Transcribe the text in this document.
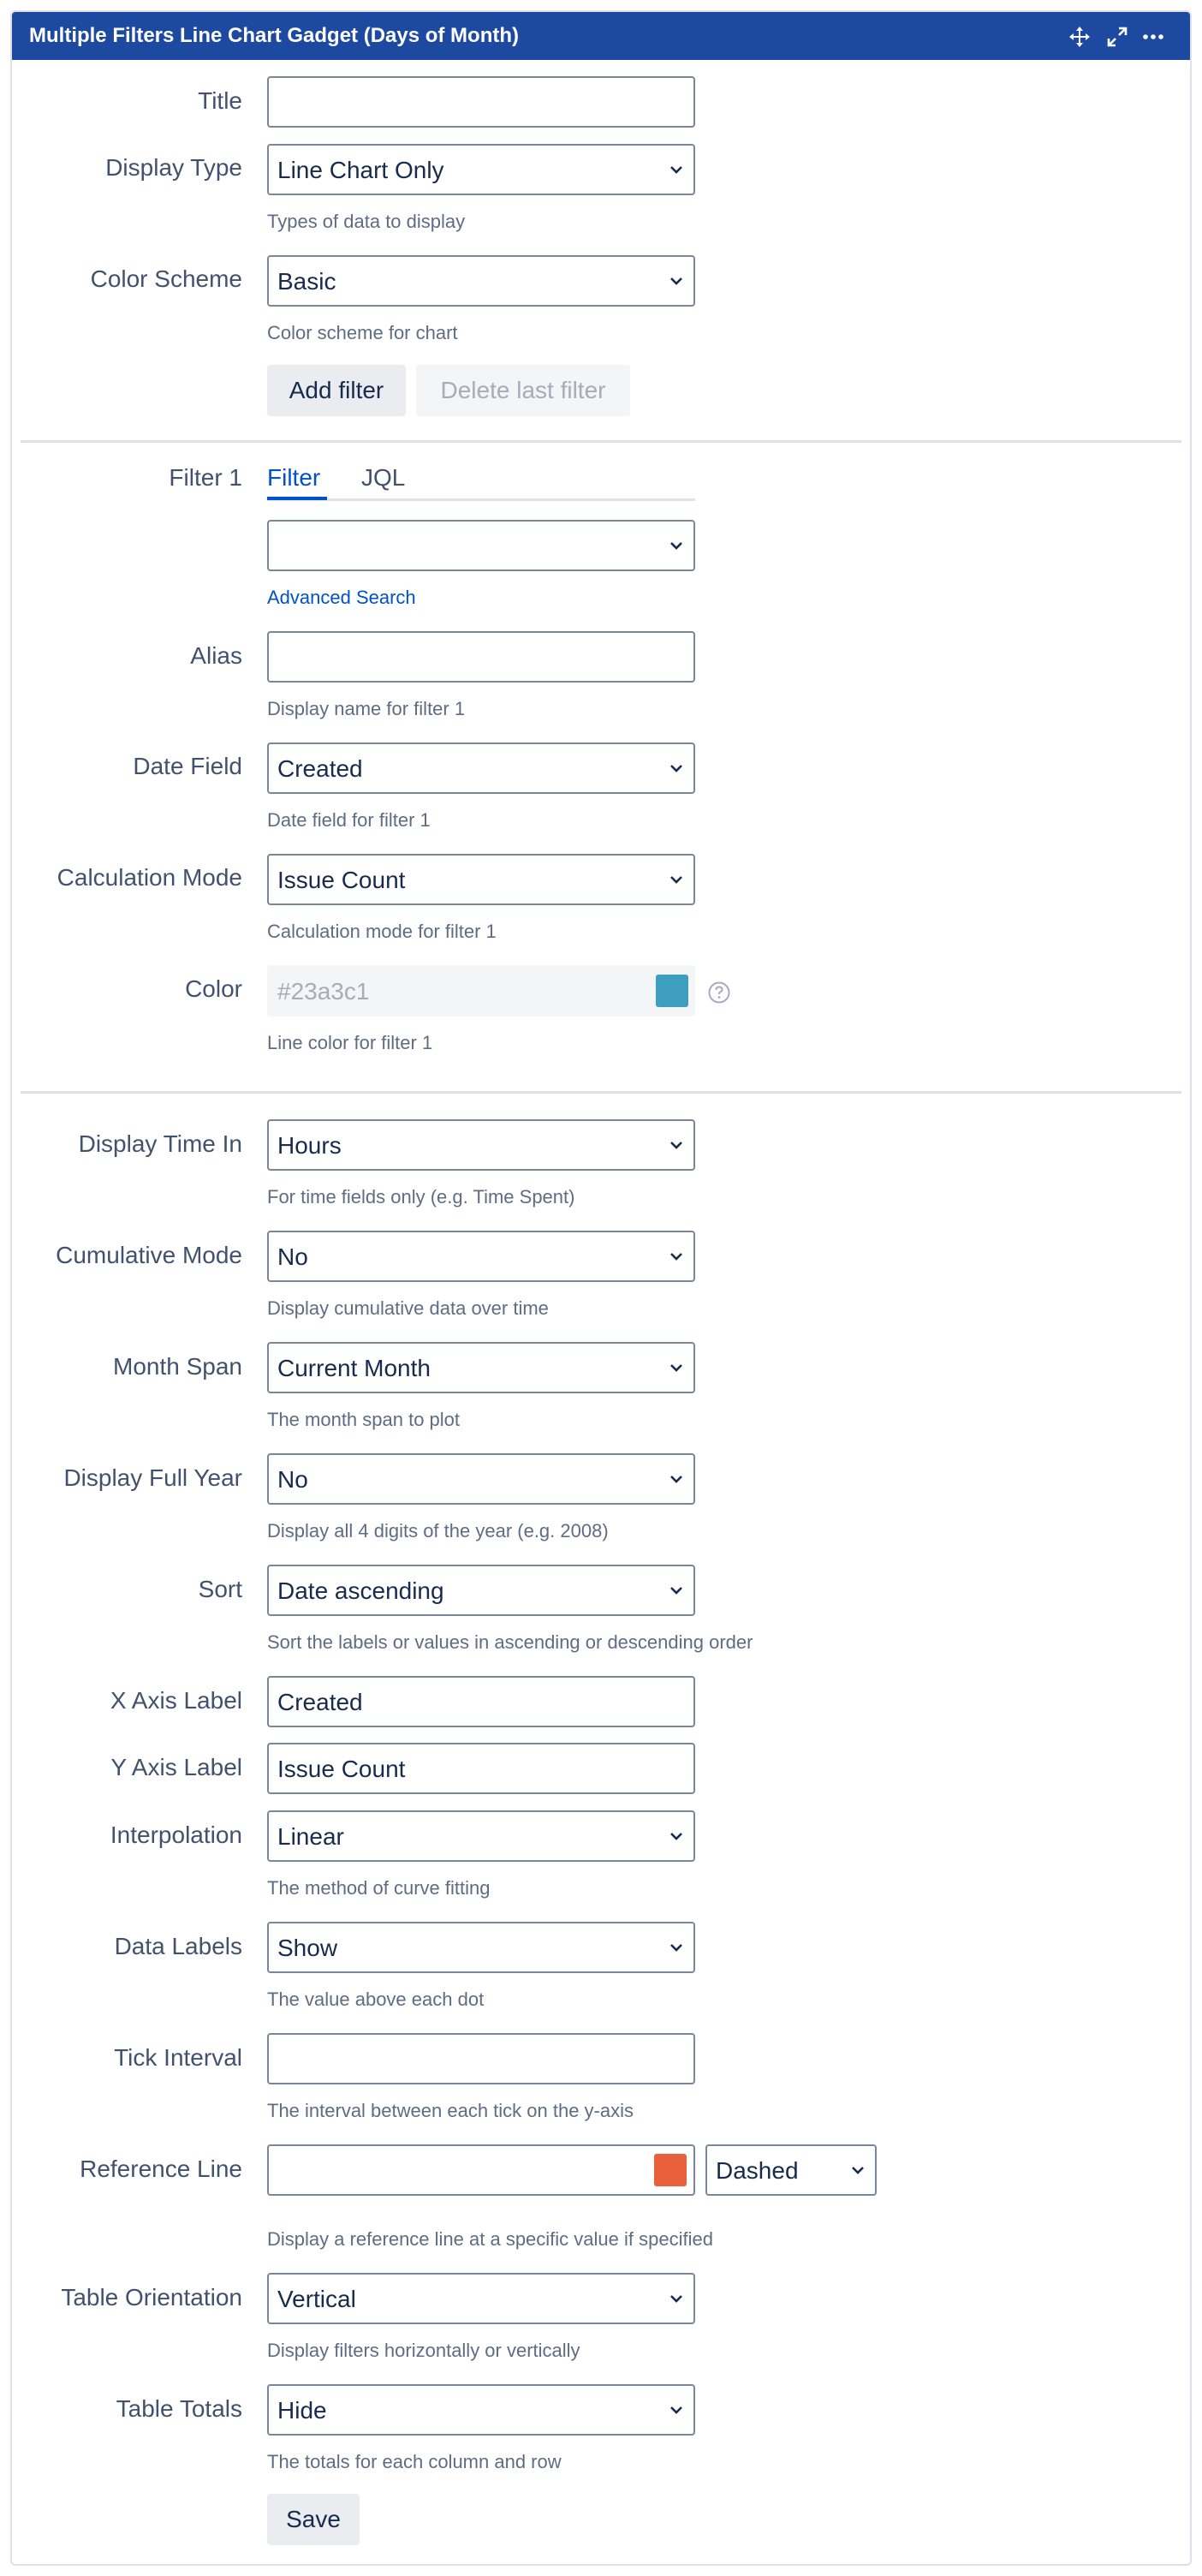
Multiple Filters Line Chart Gadget (Days of Month)
Title
Display Type Line Chart Only
Types of data to display
Color Scheme Basic
Color scheme for chart
Add filter	Delete last filter
Filter 1 Filter JQL
Advanced Search
Alias
Display name for filter 1
Date Field Created
Date field for filter 1
Calculation Mode Issue Count
Calculation mode for filter 1
Color #23a3c1
Line color for filter 1
Display Time In Hours
For time fields only (e.g. Time Spent)
Cumulative Mode No
Display cumulative data over time
Month Span Current Month
The month span to plot
Display Full Year No
Display all 4 digits of the year (e.g. 2008)
Sort Date ascending
Sort the labels or values in ascending or descending order
X Axis Label Created
Y Axis Label Issue Count
Interpolation Linear
The method of curve fitting
Data Labels Show
The value above each dot
Tick Interval
The interval between each tick on the y-axis
Reference Line	Dashed
Display a reference line at a specific value if specified
Table Orientation Vertical
Display filters horizontally or vertically
Table Totals Hide
The totals for each column and row
Save
